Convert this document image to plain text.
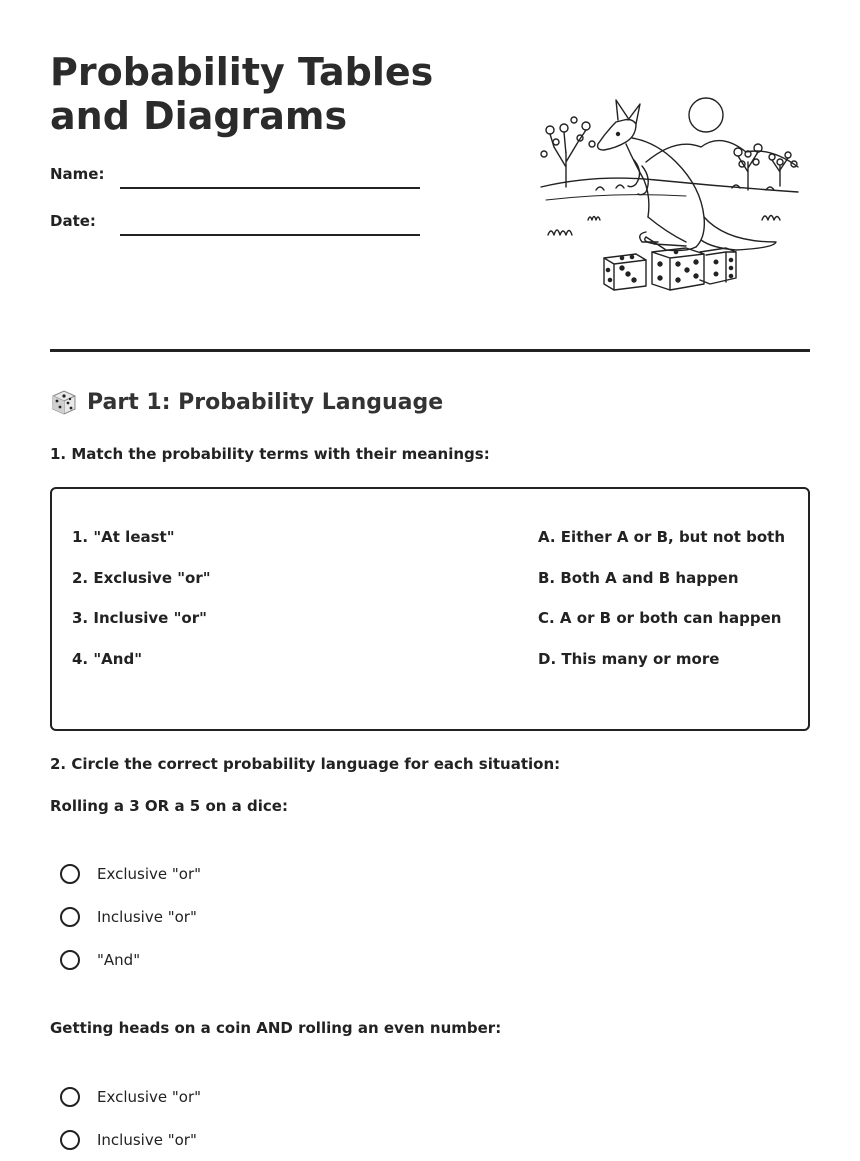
Probability Tables and Diagrams
Name:
Date:
Part 1: Probability Language
1. Match the probability terms with their meanings:
1. "At least"
2. Exclusive "or"
3. Inclusive "or"
4. "And"
A. Either A or B, but not both
B. Both A and B happen
C. A or B or both can happen
D. This many or more
2. Circle the correct probability language for each situation:
Rolling a 3 OR a 5 on a dice:
Exclusive "or"
Inclusive "or"
"And"
Getting heads on a coin AND rolling an even number:
Exclusive "or"
Inclusive "or"
